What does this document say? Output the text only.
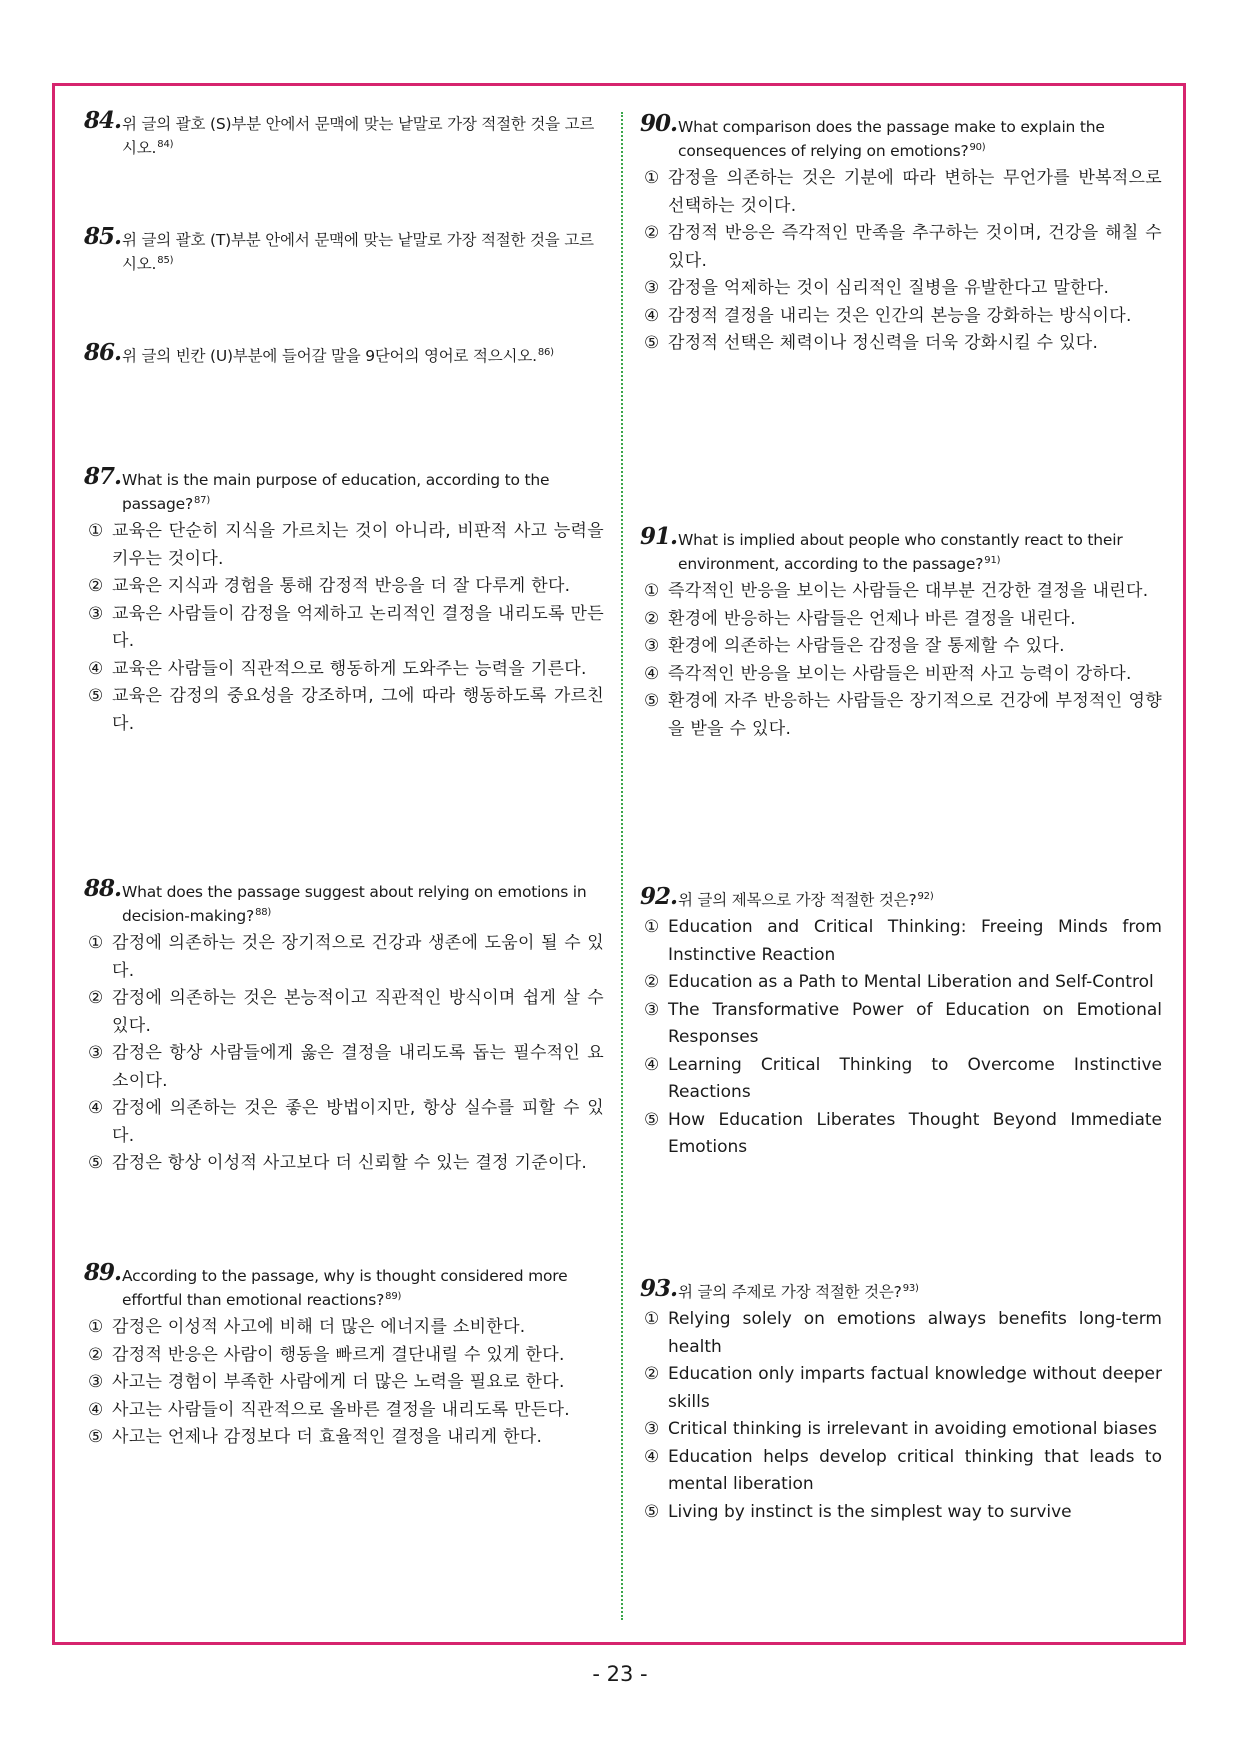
84. 위 글의 괄호 (S)부분 안에서 문맥에 맞는 낱말로 가장 적절한 것을 고르시오.$^{84)}$
85. 위 글의 괄호 (T)부분 안에서 문맥에 맞는 낱말로 가장 적절한 것을 고르시오.$^{85)}$
86. 위 글의 빈칸 (U)부분에 들어갈 말을 9단어의 영어로 적으시오.$^{86)}$
87. What is the main purpose of education, according to the passage?$^{87)}$
① 교육은 단순히 지식을 가르치는 것이 아니라, 비판적 사고 능력을 키우는 것이다.
② 교육은 지식과 경험을 통해 감정적 반응을 더 잘 다루게 한다.
③ 교육은 사람들이 감정을 억제하고 논리적인 결정을 내리도록 만든다.
④ 교육은 사람들이 직관적으로 행동하게 도와주는 능력을 기른다.
⑤ 교육은 감정의 중요성을 강조하며, 그에 따라 행동하도록 가르친다.
88. What does the passage suggest about relying on emotions in decision-making?$^{88)}$
① 감정에 의존하는 것은 장기적으로 건강과 생존에 도움이 될 수 있다.
② 감정에 의존하는 것은 본능적이고 직관적인 방식이며 쉽게 살 수 있다.
③ 감정은 항상 사람들에게 옳은 결정을 내리도록 돕는 필수적인 요소이다.
④ 감정에 의존하는 것은 좋은 방법이지만, 항상 실수를 피할 수 있다.
⑤ 감정은 항상 이성적 사고보다 더 신뢰할 수 있는 결정 기준이다.
89. According to the passage, why is thought considered more effortful than emotional reactions?$^{89)}$
① 감정은 이성적 사고에 비해 더 많은 에너지를 소비한다.
② 감정적 반응은 사람이 행동을 빠르게 결단내릴 수 있게 한다.
③ 사고는 경험이 부족한 사람에게 더 많은 노력을 필요로 한다.
④ 사고는 사람들이 직관적으로 올바른 결정을 내리도록 만든다.
⑤ 사고는 언제나 감정보다 더 효율적인 결정을 내리게 한다.
90. What comparison does the passage make to explain the consequences of relying on emotions?$^{90)}$
① 감정을 의존하는 것은 기분에 따라 변하는 무언가를 반복적으로 선택하는 것이다.
② 감정적 반응은 즉각적인 만족을 추구하는 것이며, 건강을 해칠 수 있다.
③ 감정을 억제하는 것이 심리적인 질병을 유발한다고 말한다.
④ 감정적 결정을 내리는 것은 인간의 본능을 강화하는 방식이다.
⑤ 감정적 선택은 체력이나 정신력을 더욱 강화시킬 수 있다.
91. What is implied about people who constantly react to their environment, according to the passage?$^{91)}$
① 즉각적인 반응을 보이는 사람들은 대부분 건강한 결정을 내린다.
② 환경에 반응하는 사람들은 언제나 바른 결정을 내린다.
③ 환경에 의존하는 사람들은 감정을 잘 통제할 수 있다.
④ 즉각적인 반응을 보이는 사람들은 비판적 사고 능력이 강하다.
⑤ 환경에 자주 반응하는 사람들은 장기적으로 건강에 부정적인 영향을 받을 수 있다.
92. 위 글의 제목으로 가장 적절한 것은?$^{92)}$
① Education and Critical Thinking: Freeing Minds from Instinctive Reaction
② Education as a Path to Mental Liberation and Self-Control
③ The Transformative Power of Education on Emotional Responses
④ Learning Critical Thinking to Overcome Instinctive Reactions
⑤ How Education Liberates Thought Beyond Immediate Emotions
93. 위 글의 주제로 가장 적절한 것은?$^{93)}$
① Relying solely on emotions always benefits long-term health
② Education only imparts factual knowledge without deeper skills
③ Critical thinking is irrelevant in avoiding emotional biases
④ Education helps develop critical thinking that leads to mental liberation
⑤ Living by instinct is the simplest way to survive
- 23 -
